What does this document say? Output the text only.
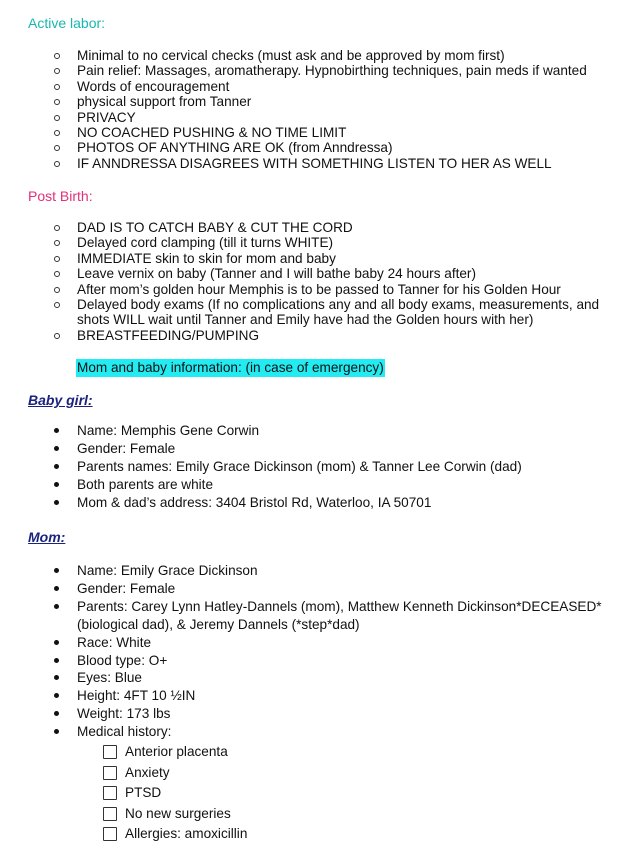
Active labor:
Minimal to no cervical checks (must ask and be approved by mom first)
Pain relief: Massages, aromatherapy. Hypnobirthing techniques, pain meds if wanted
Words of encouragement
physical support from Tanner
PRIVACY
NO COACHED PUSHING & NO TIME LIMIT
PHOTOS OF ANYTHING ARE OK (from Anndressa)
IF ANNDRESSA DISAGREES WITH SOMETHING LISTEN TO HER AS WELL
Post Birth:
DAD IS TO CATCH BABY & CUT THE CORD
Delayed cord clamping (till it turns WHITE)
IMMEDIATE skin to skin for mom and baby
Leave vernix on baby (Tanner and I will bathe baby 24 hours after)
After mom’s golden hour Memphis is to be passed to Tanner for his Golden Hour
Delayed body exams (If no complications any and all body exams, measurements, and shots WILL wait until Tanner and Emily have had the Golden hours with her)
BREASTFEEDING/PUMPING

Mom and baby information: (in case of emergency)

Baby girl:
Name: Memphis Gene Corwin
Gender: Female
Parents names: Emily Grace Dickinson (mom) & Tanner Lee Corwin (dad)
Both parents are white
Mom & dad’s address: 3404 Bristol Rd, Waterloo, IA 50701
Mom:
Name: Emily Grace Dickinson
Gender: Female
Parents: Carey Lynn Hatley-Dannels (mom), Matthew Kenneth Dickinson*DECEASED* (biological dad), & Jeremy Dannels (*step*dad)
Race: White
Blood type: O+
Eyes: Blue
Height: 4FT 10 ½IN
Weight: 173 lbs
Medical history:
Anterior placenta
Anxiety
PTSD
No new surgeries
Allergies: amoxicillin
